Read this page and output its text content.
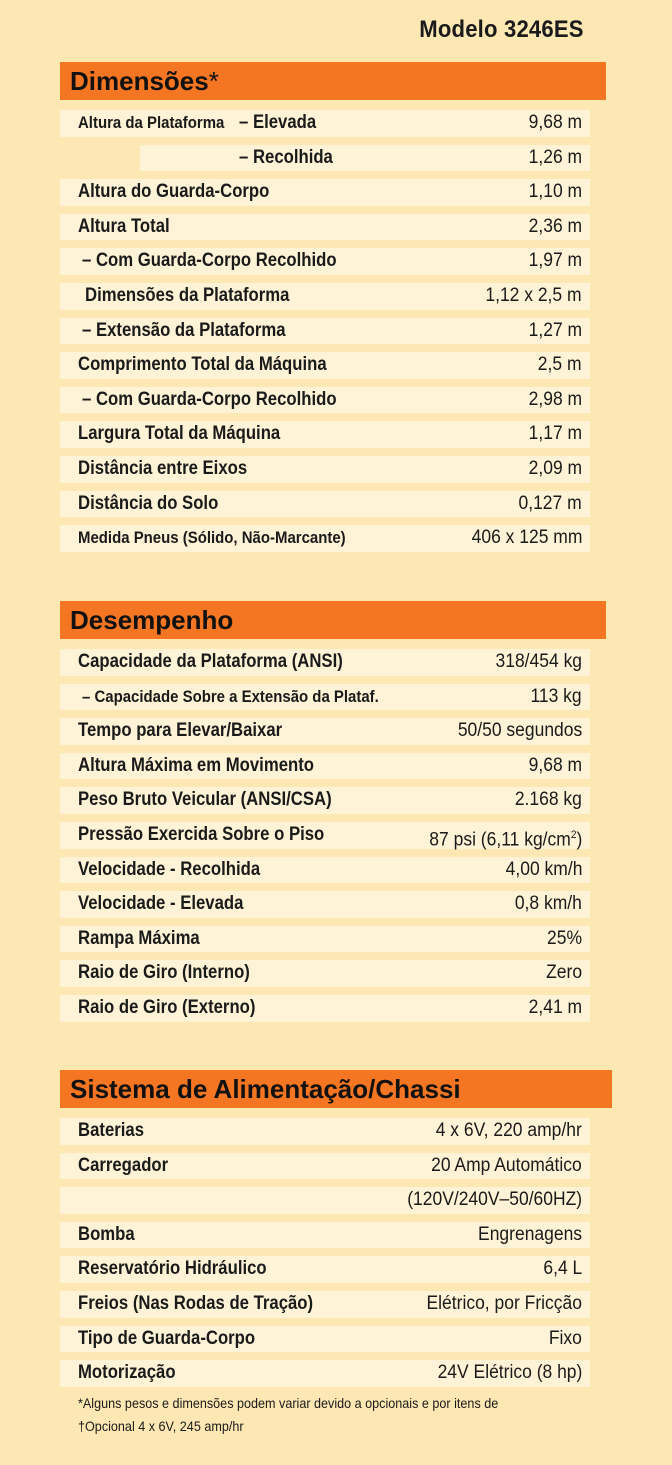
Modelo 3246ES
Dimensões*
Altura da Plataforma – Elevada	9,68 m
– Recolhida	1,26 m
Altura do Guarda-Corpo	1,10 m
Altura Total	2,36 m
– Com Guarda-Corpo Recolhido	1,97 m
Dimensões da Plataforma	1,12 x 2,5 m
– Extensão da Plataforma	1,27 m
Comprimento Total da Máquina	2,5 m
– Com Guarda-Corpo Recolhido	2,98 m
Largura Total da Máquina	1,17 m
Distância entre Eixos	2,09 m
Distância do Solo	0,127 m
Medida Pneus (Sólido, Não-Marcante)	406 x 125 mm
Desempenho
Capacidade da Plataforma (ANSI)	318/454 kg
– Capacidade Sobre a Extensão da Plataf.	113 kg
Tempo para Elevar/Baixar	50/50 segundos
Altura Máxima em Movimento	9,68 m
Peso Bruto Veicular (ANSI/CSA)	2.168 kg
Pressão Exercida Sobre o Piso	87 psi (6,11 $kg/cm^2$)
Velocidade - Recolhida	4,00 km/h
Velocidade - Elevada	0,8 km/h
Rampa Máxima	25%
Raio de Giro (Interno)	Zero
Raio de Giro (Externo)	2,41 m
Sistema de Alimentação/Chassi
Baterias	4 x 6V, 220 amp/hr
Carregador	20 Amp Automático
(120V/240V–50/60HZ)
Bomba	Engrenagens
Reservatório Hidráulico	6,4 L
Freios (Nas Rodas de Tração)	Elétrico, por Fricção
Tipo de Guarda-Corpo	Fixo
Motorização	24V Elétrico (8 hp)
*Alguns pesos e dimensões podem variar devido a opcionais e por itens de
†Opcional 4 x 6V, 245 amp/hr
